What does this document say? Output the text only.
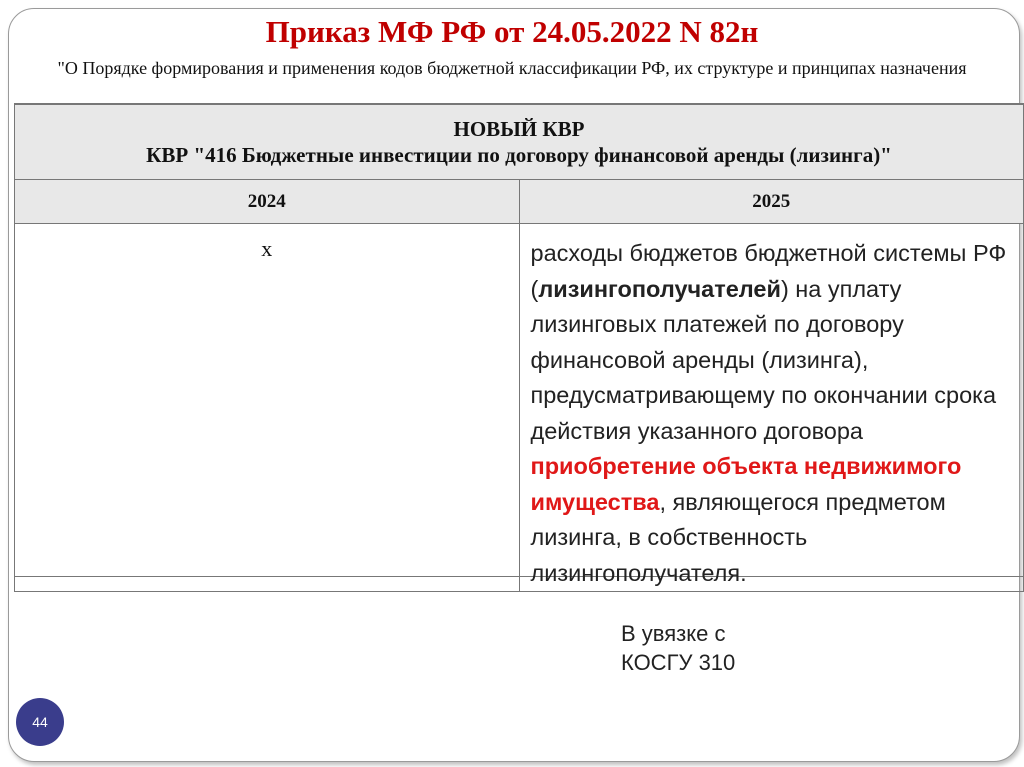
Приказ МФ РФ от 24.05.2022 N 82н
"О Порядке формирования и применения кодов бюджетной классификации РФ, их структуре и принципах назначения
НОВЫЙ КВР
КВР "416 Бюджетные инвестиции по договору финансовой аренды (лизинга)"	

2024	2025
x	расходы бюджетов бюджетной системы РФ (лизингополучателей) на уплату лизинговых платежей по договору финансовой аренды (лизинга), предусматривающему по окончании срока действия указанного договора приобретение объекта недвижимого имущества, являющегося предметом лизинга, в собственность лизингополучателя.
В увязке с
КОСГУ 310
44
